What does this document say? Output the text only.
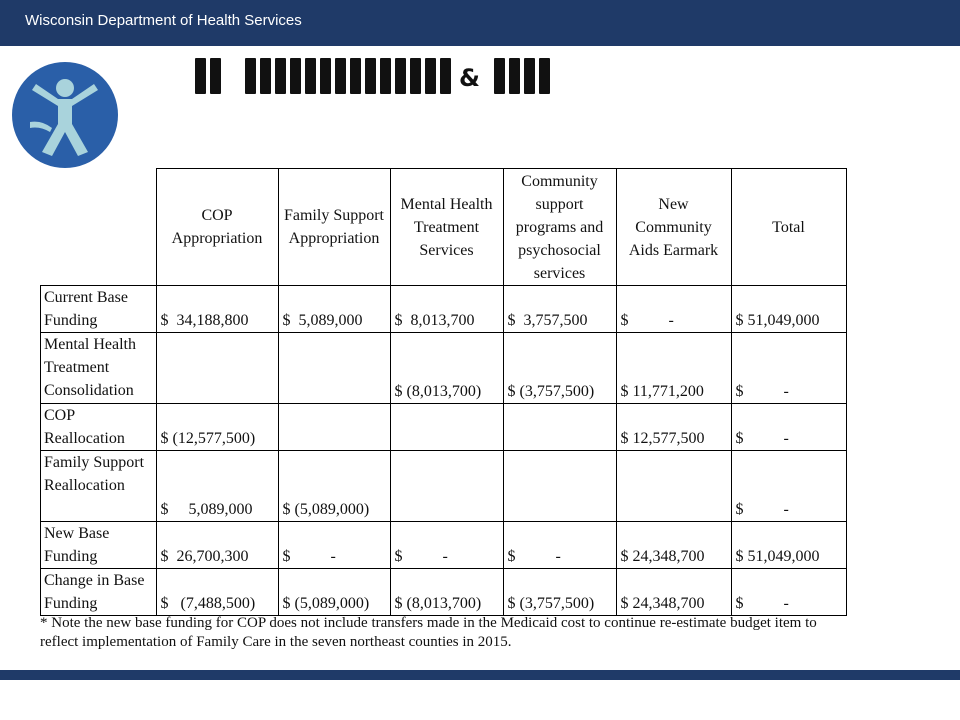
Wisconsin Department of Health Services
&
	COP Appropriation	Family Support Appropriation	Mental Health Treatment Services	Community support programs and psychosocial services	New Community Aids Earmark	Total
Current Base Funding	$  34,188,800	$  5,089,000	$  8,013,700	$  3,757,500	$          -	$ 51,049,000
Mental Health Treatment Consolidation			$ (8,013,700)	$ (3,757,500)	$ 11,771,200	$          -
COP Reallocation	$ (12,577,500)				$ 12,577,500	$          -
Family Support Reallocation	$     5,089,000	$ (5,089,000)				$          -
New Base Funding	$  26,700,300	$          -	$          -	$          -	$ 24,348,700	$ 51,049,000
Change in Base Funding	$   (7,488,500)	$ (5,089,000)	$ (8,013,700)	$ (3,757,500)	$ 24,348,700	$          -
* Note the new base funding for COP does not include transfers made in the Medicaid cost to continue re-estimate budget item to reflect implementation of Family Care in the seven northeast counties in 2015.
